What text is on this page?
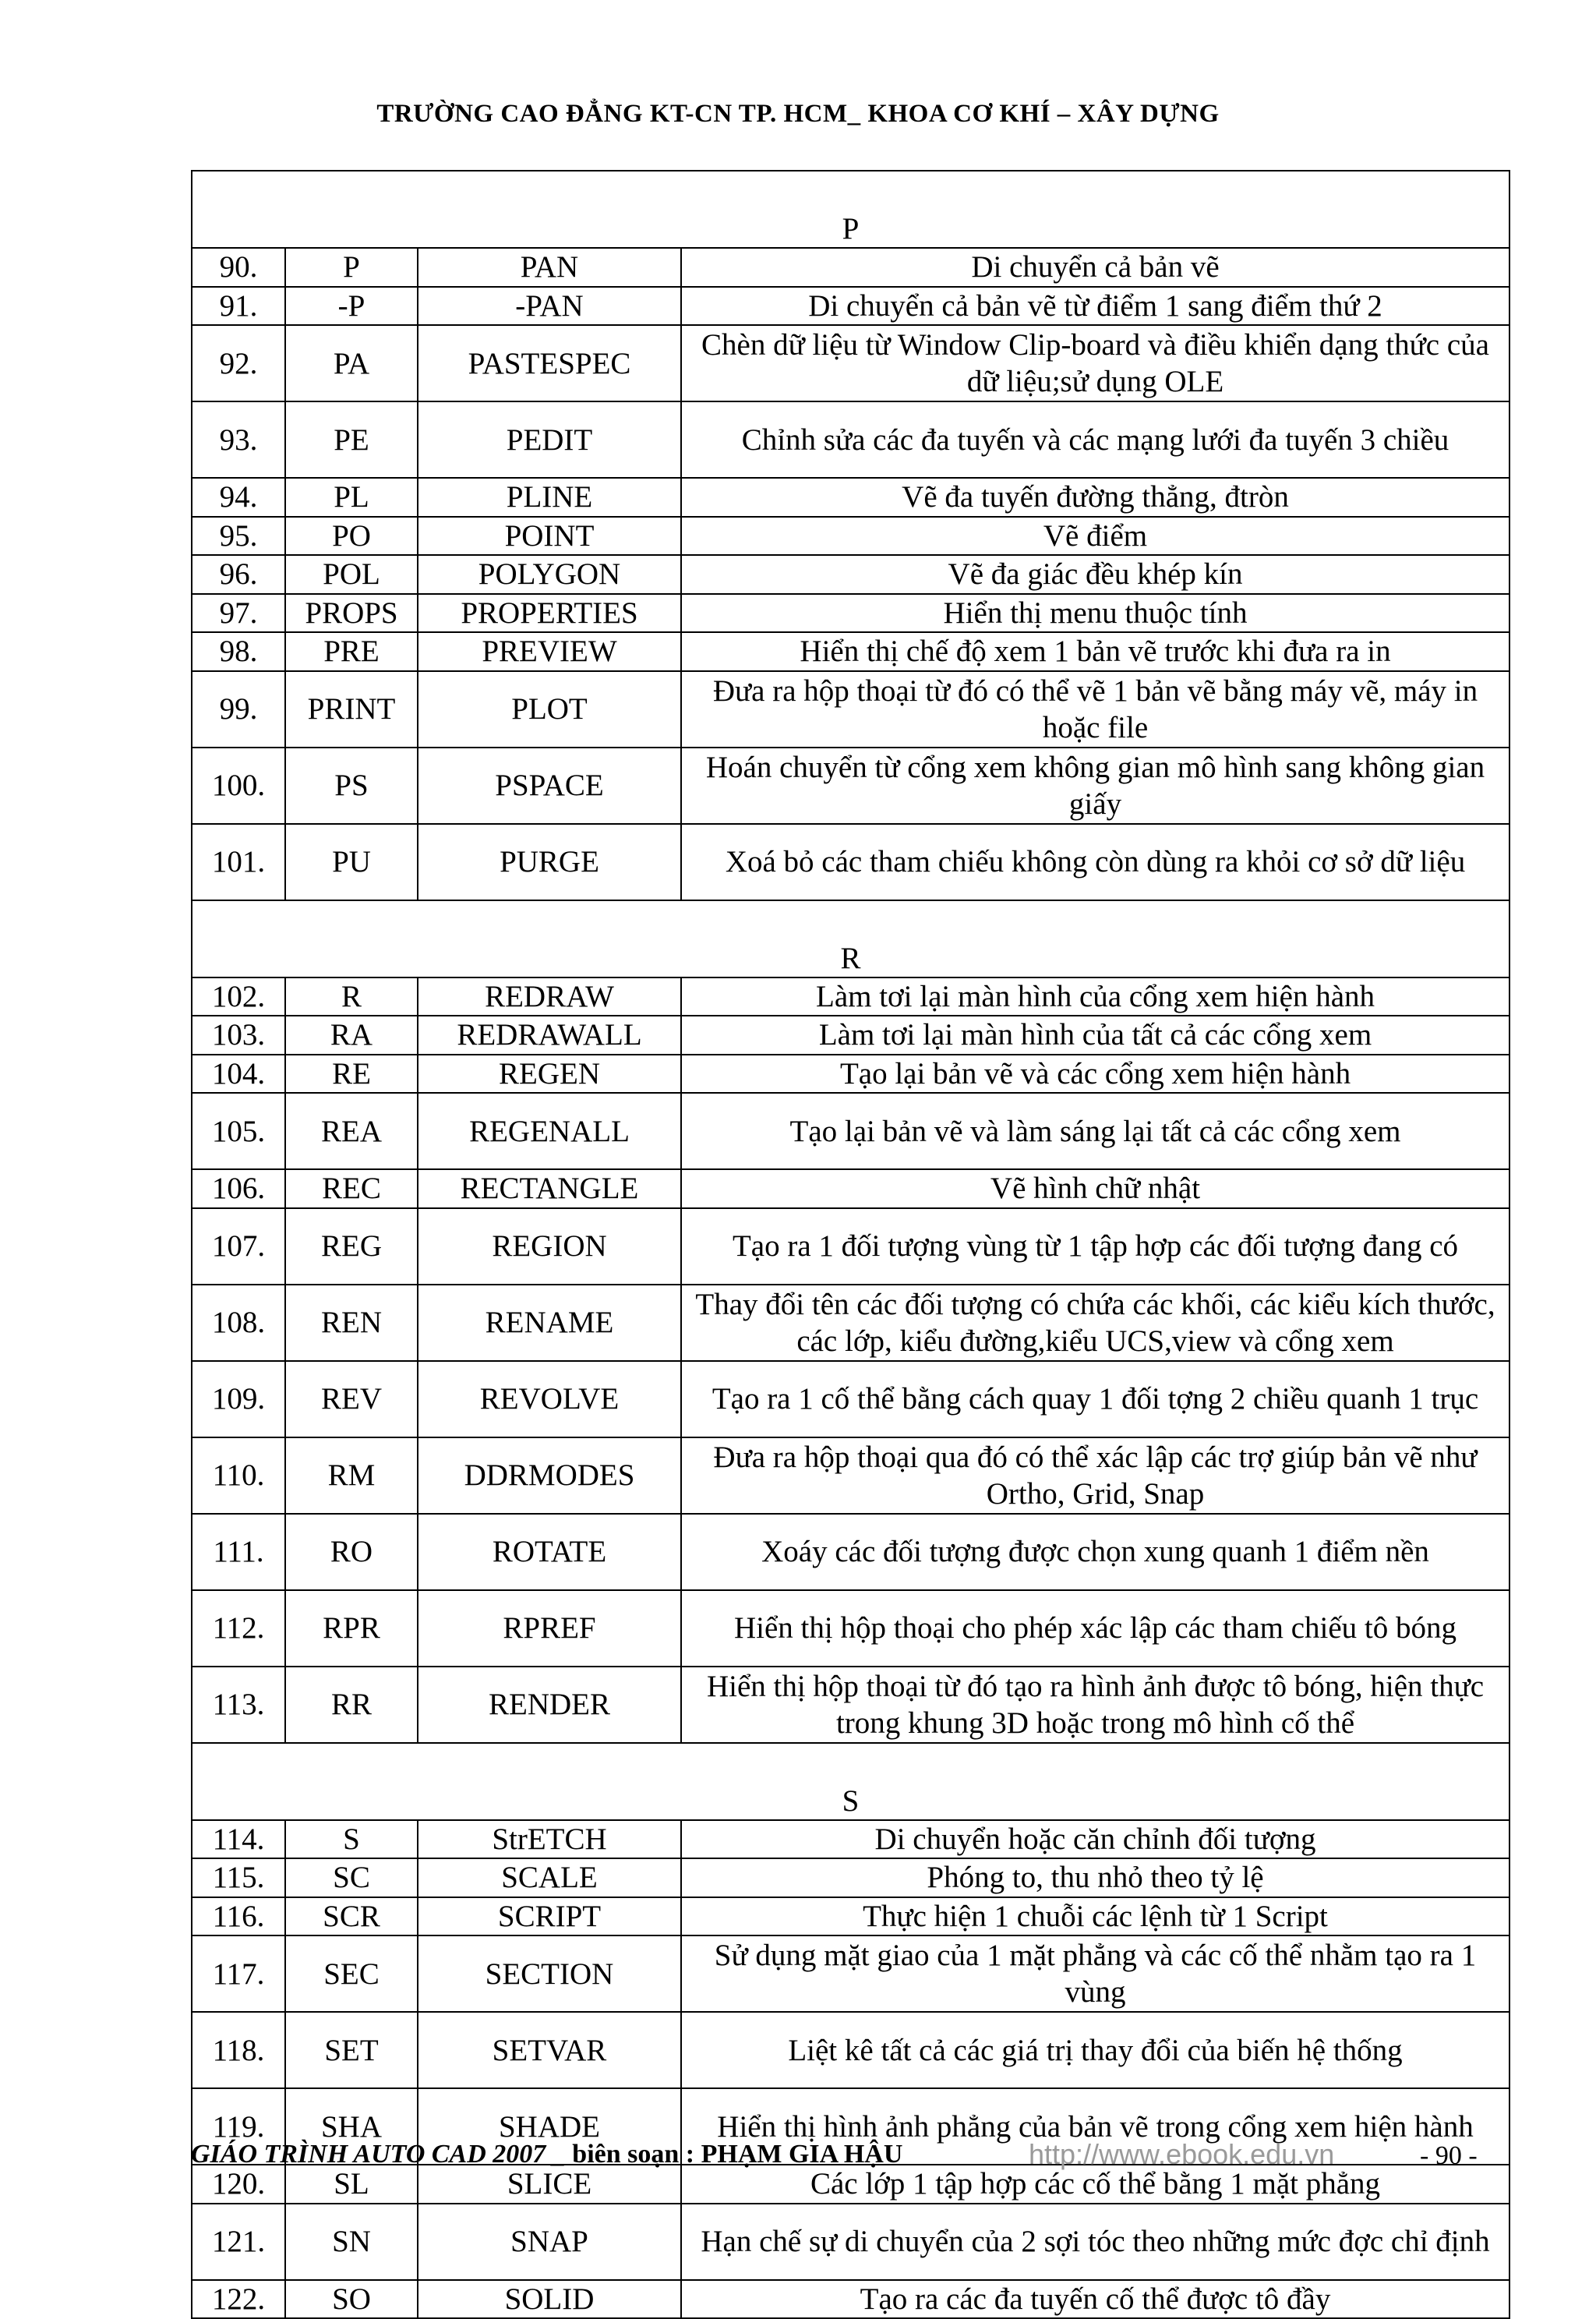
TRƯỜNG CAO ĐẲNG KT-CN TP. HCM_ KHOA CƠ KHÍ – XÂY DỰNG
P			
90.	P	PAN	Di chuyển cả bản vẽ
91.	-P	-PAN	Di chuyển cả bản vẽ từ điểm 1 sang điểm thứ 2
92.	PA	PASTESPEC	Chèn dữ liệu từ Window Clip-board và điều khiển dạng thức của dữ liệu;sử dụng OLE
93.	PE	PEDIT	Chỉnh sửa các đa tuyến và các mạng lưới đa tuyến 3 chiều
94.	PL	PLINE	Vẽ đa tuyến đường thẳng, đtròn
95.	PO	POINT	Vẽ điểm
96.	POL	POLYGON	Vẽ đa giác đều khép kín
97.	PROPS	PROPERTIES	Hiển thị menu thuộc tính
98.	PRE	PREVIEW	Hiển thị chế độ xem 1 bản vẽ trước khi đưa ra in
99.	PRINT	PLOT	Đưa ra hộp thoại từ đó có thể vẽ 1 bản vẽ bằng máy vẽ, máy in hoặc file
100.	PS	PSPACE	Hoán chuyển từ cổng xem không gian mô hình sang không gian giấy
101.	PU	PURGE	Xoá bỏ các tham chiếu không còn dùng ra khỏi cơ sở dữ liệu
R			
102.	R	REDRAW	Làm tơi lại màn hình của cổng xem hiện hành
103.	RA	REDRAWALL	Làm tơi lại màn hình của tất cả các cổng xem
104.	RE	REGEN	Tạo lại bản vẽ và các cổng xem hiện hành
105.	REA	REGENALL	Tạo lại bản vẽ và làm sáng lại tất cả các cổng xem
106.	REC	RECTANGLE	Vẽ hình chữ nhật
107.	REG	REGION	Tạo ra 1 đối tượng vùng từ 1 tập hợp các đối tượng đang có
108.	REN	RENAME	Thay đổi tên các đối tượng có chứa các khối, các kiểu kích thước, các lớp, kiểu đường,kiểu UCS,view và cổng xem
109.	REV	REVOLVE	Tạo ra 1 cố thể bằng cách quay 1 đối tợng 2 chiều quanh 1 trục
110.	RM	DDRMODES	Đưa ra hộp thoại qua đó có thể xác lập các trợ giúp bản vẽ như Ortho, Grid, Snap
111.	RO	ROTATE	Xoáy các đối tượng được chọn xung quanh 1 điểm nền
112.	RPR	RPREF	Hiển thị hộp thoại cho phép xác lập các tham chiếu tô bóng
113.	RR	RENDER	Hiển thị hộp thoại từ đó tạo ra hình ảnh được tô bóng, hiện thực trong khung 3D hoặc trong mô hình cố thể
S			
114.	S	StrETCH	Di chuyển hoặc căn chỉnh đối tượng
115.	SC	SCALE	Phóng to, thu nhỏ theo tỷ lệ
116.	SCR	SCRIPT	Thực hiện 1 chuỗi các lệnh từ 1 Script
117.	SEC	SECTION	Sử dụng mặt giao của 1 mặt phẳng và các cố thể nhằm tạo ra 1 vùng
118.	SET	SETVAR	Liệt kê tất cả các giá trị thay đổi của biến hệ thống
119.	SHA	SHADE	Hiển thị hình ảnh phẳng của bản vẽ trong cổng xem hiện hành
120.	SL	SLICE	Các lớp 1 tập hợp các cố thể bằng 1 mặt phẳng
121.	SN	SNAP	Hạn chế sự di chuyển của 2 sợi tóc theo những mức đợc chỉ định
122.	SO	SOLID	Tạo ra các đa tuyến cố thể được tô đầy
GIÁO TRÌNH AUTO CAD 2007 _ biên soạn : PHẠM GIA HẬU	http://www.ebook.edu.vn	- 90 -
